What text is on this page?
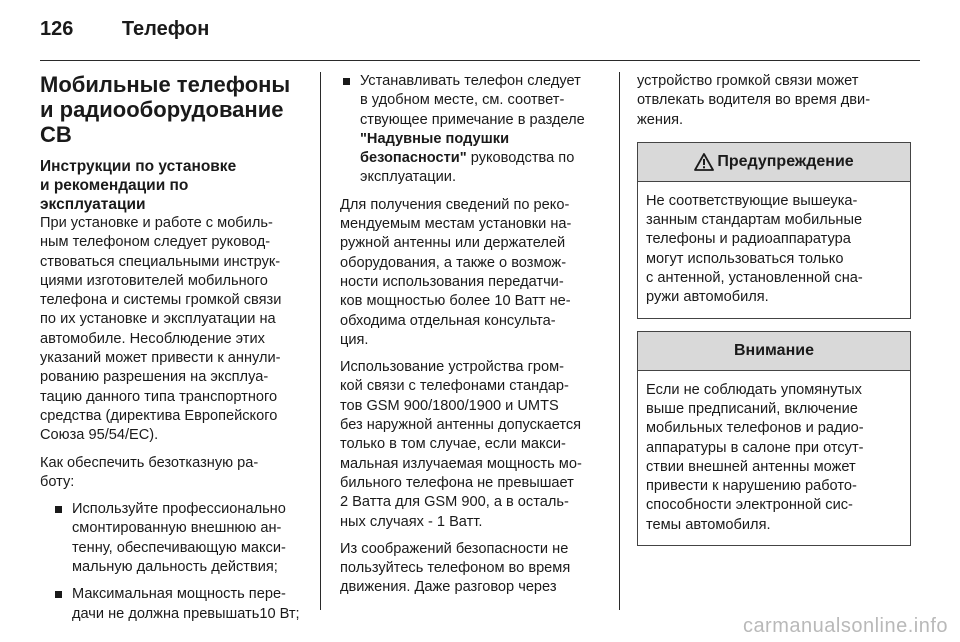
126 Телефон
Мобильные телефоны
и радиооборудование CB
Инструкции по установке
и рекомендации по
эксплуатации

При установке и работе с мобиль-
ным телефоном следует руковод-
ствоваться специальными инструк-
циями изготовителей мобильного
телефона и системы громкой связи
по их установке и эксплуатации на
автомобиле. Несоблюдение этих
указаний может привести к аннули-
рованию разрешения на эксплуа-
тацию данного типа транспортного
средства (директива Европейского
Союза 95/54/EC).

Как обеспечить безотказную ра-
боту:

Используйте профессионально
смонтированную внешнюю ан-
тенну, обеспечивающую макси-
мальную дальность действия;
Максимальная мощность пере-
дачи не должна превышать10 Вт;
Устанавливать телефон следует
в удобном месте, см. соответ-
ствующее примечание в разделе
"Надувные подушки
безопасности" руководства по
эксплуатации.

Для получения сведений по реко-
мендуемым местам установки на-
ружной антенны или держателей
оборудования, а также о возмож-
ности использования передатчи-
ков мощностью более 10 Ватт не-
обходима отдельная консульта-
ция.

Использование устройства гром-
кой связи с телефонами стандар-
тов GSM 900/1800/1900 и UMTS
без наружной антенны допускается
только в том случае, если макси-
мальная излучаемая мощность мо-
бильного телефона не превышает
2 Ватта для GSM 900, а в осталь-
ных случаях - 1 Ватт.

Из соображений безопасности не
пользуйтесь телефоном во время
движения. Даже разговор через

устройство громкой связи может
отвлекать водителя во время дви-
жения.

Предупреждение
Не соответствующие вышеука-
занным стандартам мобильные
телефоны и радиоаппаратура
могут использоваться только
с антенной, установленной сна-
ружи автомобиля.
Внимание
Если не соблюдать упомянутых
выше предписаний, включение
мобильных телефонов и радио-
аппаратуры в салоне при отсут-
ствии внешней антенны может
привести к нарушению работо-
способности электронной сис-
темы автомобиля.
carmanualsonline.info
